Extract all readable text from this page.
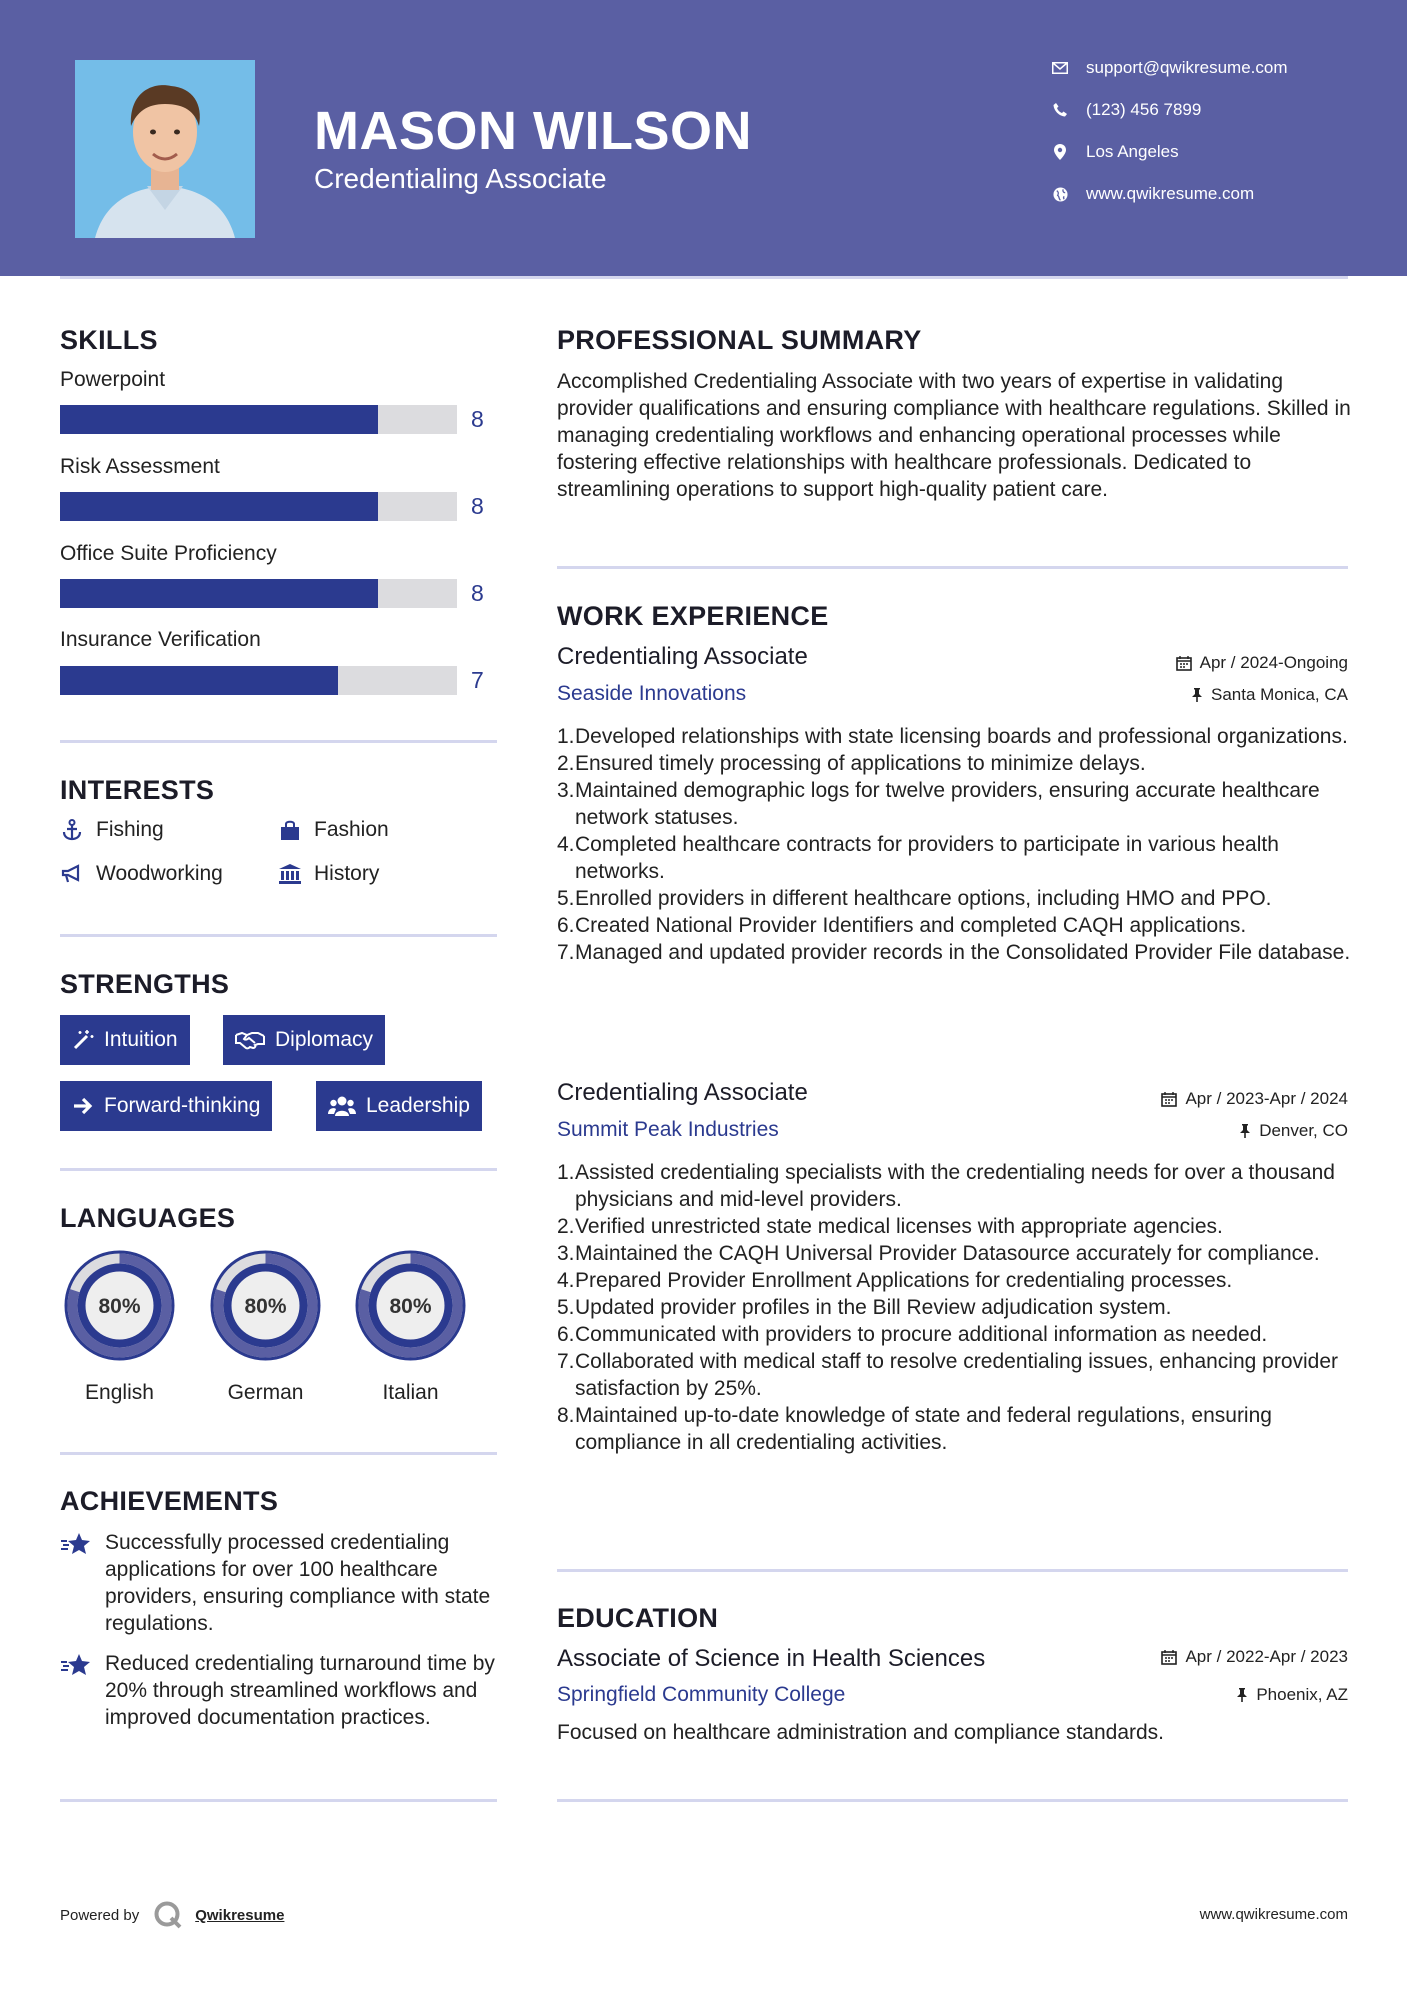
MASON WILSON
Credentialing Associate
support@qwikresume.com
(123) 456 7899
Los Angeles
www.qwikresume.com
SKILLS
Powerpoint
8
Risk Assessment
8
Office Suite Proficiency
8
Insurance Verification
7
INTERESTS
Fishing	Fashion
Woodworking	History
STRENGTHS
Intuition	Diplomacy
Forward-thinking	Leadership
LANGUAGES
80%
English
80%
German
80%
Italian
ACHIEVEMENTS
Successfully processed credentialing applications for over 100 healthcare providers, ensuring compliance with state regulations.
Reduced credentialing turnaround time by 20% through streamlined workflows and improved documentation practices.
PROFESSIONAL SUMMARY
Accomplished Credentialing Associate with two years of expertise in validating provider qualifications and ensuring compliance with healthcare regulations. Skilled in managing credentialing workflows and enhancing operational processes while fostering effective relationships with healthcare professionals. Dedicated to streamlining operations to support high-quality patient care.
WORK EXPERIENCE
Credentialing Associate	Apr / 2024-Ongoing
Seaside Innovations	Santa Monica, CA
1. Developed relationships with state licensing boards and professional organizations.
2. Ensured timely processing of applications to minimize delays.
3. Maintained demographic logs for twelve providers, ensuring accurate healthcare network statuses.
4. Completed healthcare contracts for providers to participate in various health networks.
5. Enrolled providers in different healthcare options, including HMO and PPO.
6. Created National Provider Identifiers and completed CAQH applications.
7. Managed and updated provider records in the Consolidated Provider File database.
Credentialing Associate	Apr / 2023-Apr / 2024
Summit Peak Industries	Denver, CO
1. Assisted credentialing specialists with the credentialing needs for over a thousand physicians and mid-level providers.
2. Verified unrestricted state medical licenses with appropriate agencies.
3. Maintained the CAQH Universal Provider Datasource accurately for compliance.
4. Prepared Provider Enrollment Applications for credentialing processes.
5. Updated provider profiles in the Bill Review adjudication system.
6. Communicated with providers to procure additional information as needed.
7. Collaborated with medical staff to resolve credentialing issues, enhancing provider satisfaction by 25%.
8. Maintained up-to-date knowledge of state and federal regulations, ensuring compliance in all credentialing activities.
EDUCATION
Associate of Science in Health Sciences	Apr / 2022-Apr / 2023
Springfield Community College	Phoenix, AZ
Focused on healthcare administration and compliance standards.
Powered by	Qwikresume	www.qwikresume.com
